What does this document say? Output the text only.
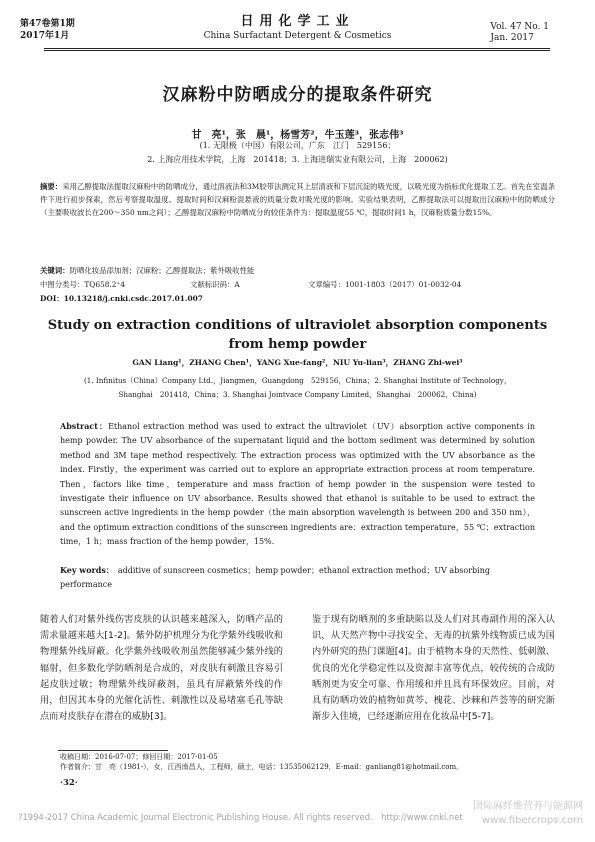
第47卷第1期
2017年1月
日用化学工业
China Surfactant Detergent & Cosmetics
Vol. 47 No. 1
Jan. 2017
汉麻粉中防晒成分的提取条件研究
甘　亮¹，张　晨¹，杨雪芳²，牛玉莲³，张志伟³
(1. 无限极（中国）有限公司，广东　江门　529156；
2. 上海应用技术学院，上海　201418；3. 上海进瑞实业有限公司，上海　200062)
摘要：采用乙醇提取法提取汉麻粉中的防晒成分，通过溶液法和3M胶带法测定其上层清液和下层沉淀的吸光度，以吸光度为指标优化提取工艺。首先在室温条件下进行初步探索，然后考察提取温度、提取时间和汉麻粉混悬液的质量分数对吸光度的影响。实验结果表明，乙醇提取法可以提取出汉麻粉中的防晒成分（主要吸收波长在200～350 nm之间）；乙醇提取汉麻粉中防晒成分的较佳条件为：提取温度55 ℃，提取时间1 h，汉麻粉质量分数15%。
关键词：防晒化妆品添加剂；汉麻粉；乙醇提取法；紫外吸收性能
中图分类号：TQ658.2⁺4	文献标识码：A	文章编号：1001-1803（2017）01-0032-04
DOI：10.13218/j.cnki.csdc.2017.01.007
Study on extraction conditions of ultraviolet absorption components from hemp powder
GAN Liang¹，ZHANG Chen¹，YANG Xue-fang²，NIU Yu-lian³，ZHANG Zhi-wei³
(1. Infinitus（China）Company Ltd.，Jiangmen，Guangdong　529156，China；2. Shanghai Institute of Technology，
Shanghai　201418，China；3. Shanghai Jointvace Company Limited，Shanghai　200062，China)
Abstract：Ethanol extraction method was used to extract the ultraviolet（UV）absorption active components in hemp powder. The UV absorbance of the supernatant liquid and the bottom sediment was determined by solution method and 3M tape method respectively. The extraction process was optimized with the UV absorbance as the index. Firstly，the experiment was carried out to explore an appropriate extraction process at room temperature. Then，factors like time，temperature and mass fraction of hemp powder in the suspension were tested to investigate their influence on UV absorbance. Results showed that ethanol is suitable to be used to extract the sunscreen active ingredients in the hemp powder（the main absorption wavelength is between 200 and 350 nm），and the optimum extraction conditions of the sunscreen ingredients are：extraction temperature，55 ℃；extraction time，1 h；mass fraction of the hemp powder，15%.
Key words：　 additive of sunscreen cosmetics；hemp powder；ethanol extraction method；UV absorbing performance
随着人们对紫外线伤害皮肤的认识越来越深入，防晒产品的需求量越来越大[1-2]。紫外防护机理分为化学紫外线吸收和物理紫外线屏蔽。化学紫外线吸收剂虽然能够减少紫外线的辐射，但多数化学防晒剂是合成的，对皮肤有刺激且容易引起皮肤过敏；物理紫外线屏蔽剂，虽具有屏蔽紫外线的作用，但因其本身的光催化活性、刺激性以及易堵塞毛孔等缺点而对皮肤存在潜在的威胁[3]。
鉴于现有防晒剂的多重缺陷以及人们对其毒副作用的深入认识，从天然产物中寻找安全、无毒的抗紫外线物质已成为国内外研究的热门课题[4]。由于植物本身的天然性、低刺激、优良的光化学稳定性以及资源丰富等优点，较传统的合成防晒剂更为安全可靠、作用缓和并且具有环保效应。目前，对具有防晒功效的植物如黄芩、槐花、沙棘和芦荟等的研究渐渐步入佳境，已经逐渐应用在化妆品中[5-7]。
收稿日期：2016-07-07；修回日期：2017-01-05
作者简介：甘　亮（1981-），女，江西南昌人，工程师，硕士，电话：13535062129，E-mail：ganliang81@hotmail.com。
·32·
?1994-2017 China Academic Journal Electronic Publishing House. All rights reserved.　http://www.cnki.net
国际麻纤维营养与能源网
www.fibercrops.com
